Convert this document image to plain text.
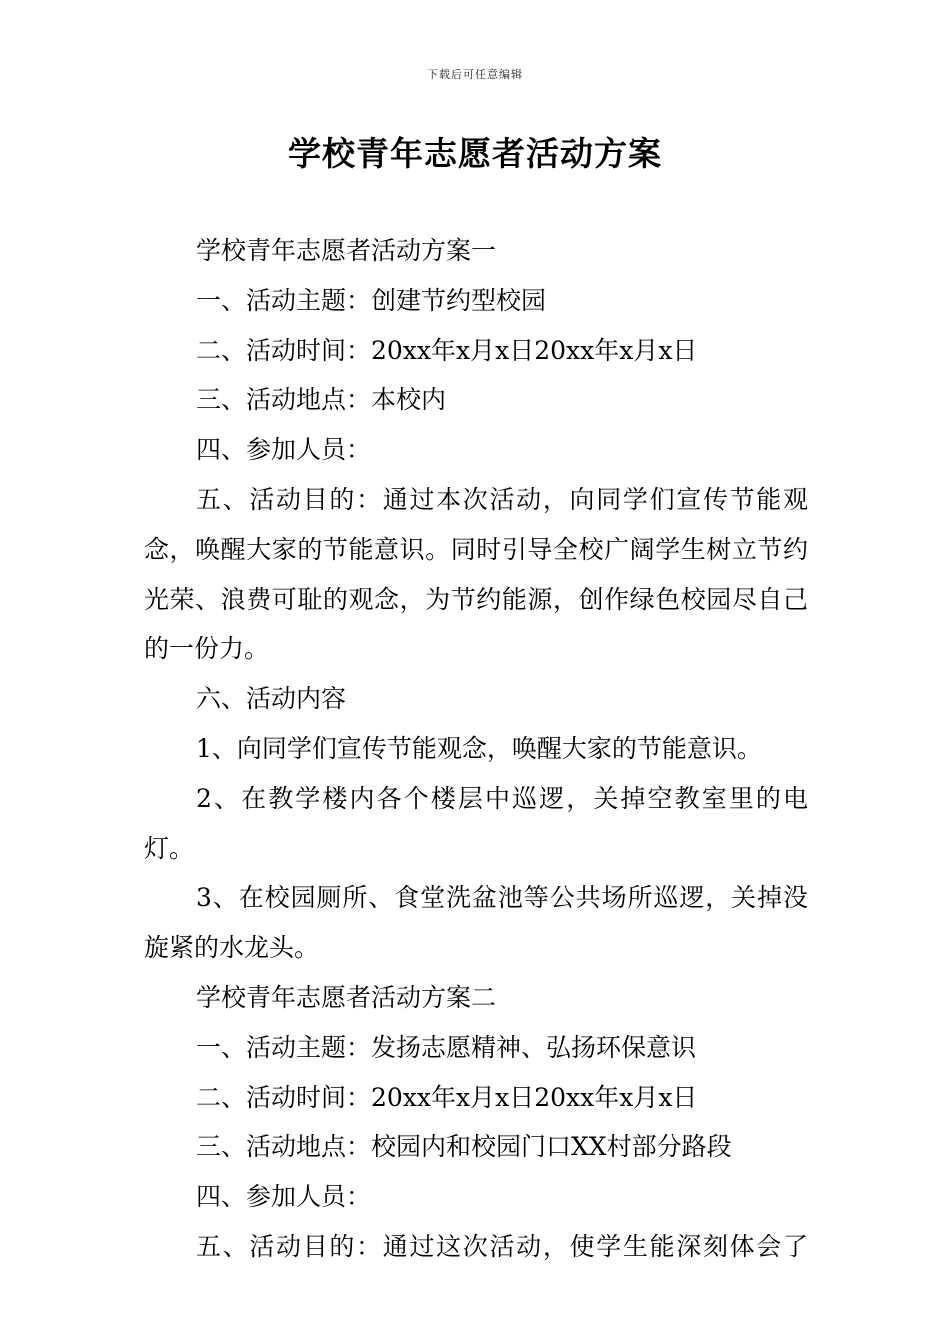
下载后可任意编辑
学校青年志愿者活动方案

学校青年志愿者活动方案一

一、活动主题：创建节约型校园

二、活动时间：20xx年x月x日20xx年x月x日

三、活动地点：本校内

四、参加人员：

五、活动目的：通过本次活动，向同学们宣传节能观念，唤醒大家的节能意识。同时引导全校广阔学生树立节约光荣、浪费可耻的观念，为节约能源，创作绿色校园尽自己的一份力。

六、活动内容

1、向同学们宣传节能观念，唤醒大家的节能意识。

2、在教学楼内各个楼层中巡逻，关掉空教室里的电灯。

3、在校园厕所、食堂洗盆池等公共场所巡逻，关掉没旋紧的水龙头。

学校青年志愿者活动方案二

一、活动主题：发扬志愿精神、弘扬环保意识

二、活动时间：20xx年x月x日20xx年x月x日

三、活动地点：校园内和校园门口XX村部分路段

四、参加人员：

五、活动目的：通过这次活动，使学生能深刻体会了
